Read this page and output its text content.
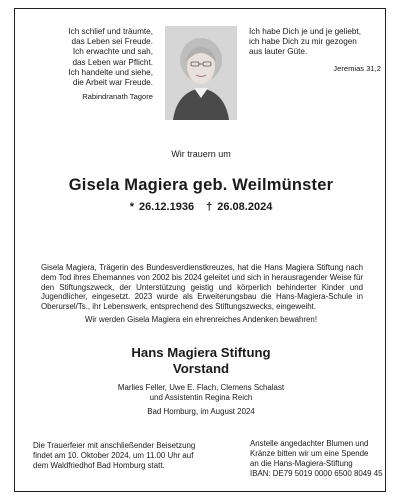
Ich schlief und träumte,
das Leben sei Freude.
Ich erwachte und sah,
das Leben war Pflicht.
Ich handelte und siehe,
die Arbeit war Freude.
Rabindranath Tagore
Ich habe Dich je und je geliebt,
ich habe Dich zu mir gezogen
aus lauter Güte.
Jeremias 31,2
Wir trauern um
Gisela Magiera geb. Weilmünster
* 26.12.1936 † 26.08.2024
Gisela Magiera, Trägerin des Bundesverdienstkreuzes, hat die Hans Magiera Stiftung nach dem Tod ihres Ehemannes von 2002 bis 2024 geleitet und sich in herausragender Weise für den Stiftungszweck, der Unterstützung geistig und körperlich behinderter Kinder und Jugendlicher, eingesetzt. 2023 wurde als Erweiterungsbau die Hans-Magiera-Schule in Oberursel/Ts., ihr Lebenswerk, entsprechend des Stiftungszwecks, eingeweiht.
Wir werden Gisela Magiera ein ehrenreiches Andenken bewahren!
Hans Magiera Stiftung
Vorstand
Marlies Feller, Uwe E. Flach, Clemens Schalast
und Assistentin Regina Reich
Bad Homburg, im August 2024
Die Trauerfeier mit anschließender Beisetzung
findet am 10. Oktober 2024, um 11.00 Uhr auf
dem Waldfriedhof Bad Homburg statt.
Anstelle angedachter Blumen und
Kränze bitten wir um eine Spende
an die Hans-Magiera-Stiftung
IBAN: DE79 5019 0000 6500 8049 45
